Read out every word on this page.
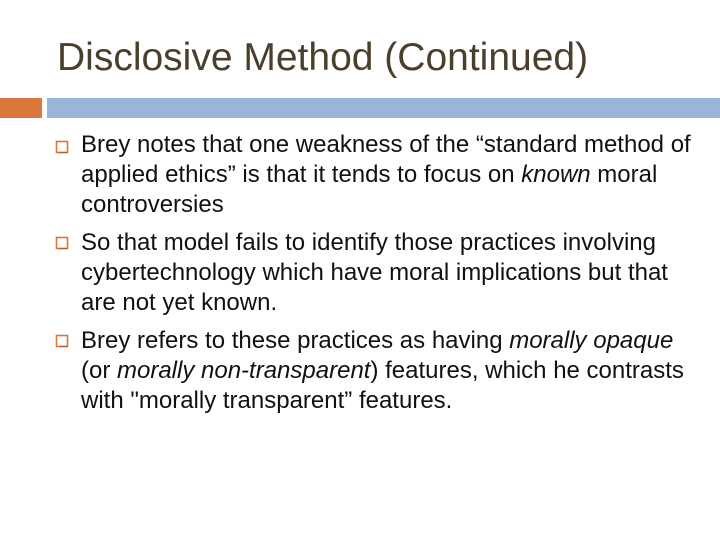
Disclosive Method (Continued)
Brey notes that one weakness of the “standard method of applied ethics” is that it tends to focus on known moral controversies
So that model fails to identify those practices involving cybertechnology which have moral implications but that are not yet known.
Brey refers to these practices as having morally opaque (or morally non-transparent) features, which he contrasts with "morally transparent” features.
